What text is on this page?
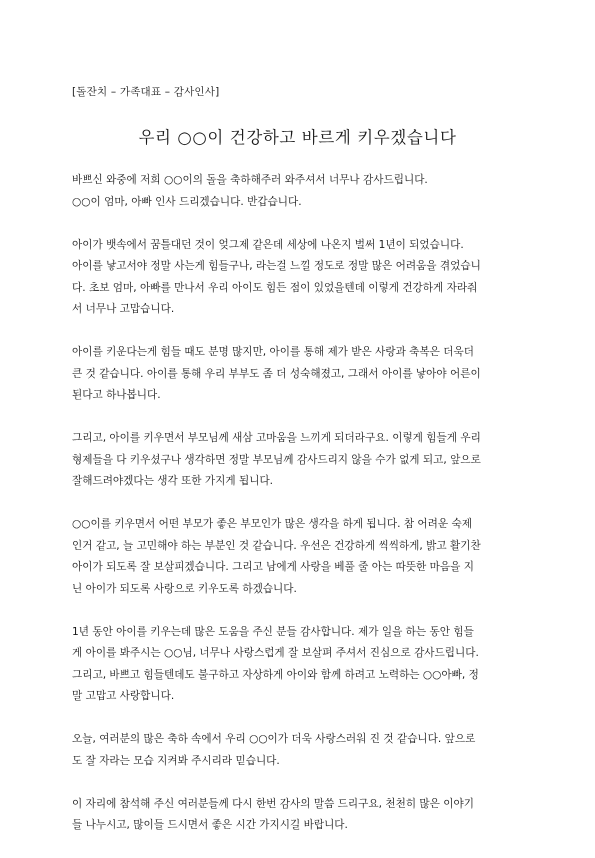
[돌잔치 – 가족대표 – 감사인사]
우리 ○○이 건강하고 바르게 키우겠습니다
바쁘신 와중에 저희 ○○이의 돌을 축하해주러 와주셔서 너무나 감사드립니다.
○○이 엄마, 아빠 인사 드리겠습니다. 반갑습니다.
아이가 뱃속에서 꿈틀대던 것이 엊그제 같은데 세상에 나온지 벌써 1년이 되었습니다.
아이를 낳고서야 정말 사는게 힘들구나, 라는걸 느낄 정도로 정말 많은 어려움을 겪었습니
다. 초보 엄마, 아빠를 만나서 우리 아이도 힘든 점이 있었을텐데 이렇게 건강하게 자라줘
서 너무나 고맙습니다.
아이를 키운다는게 힘들 때도 분명 많지만, 아이를 통해 제가 받은 사랑과 축복은 더욱더
큰 것 같습니다. 아이를 통해 우리 부부도 좀 더 성숙해졌고, 그래서 아이를 낳아야 어른이
된다고 하나봅니다.
그리고, 아이를 키우면서 부모님께 새삼 고마움을 느끼게 되더라구요. 이렇게 힘들게 우리
형제들을 다 키우셨구나 생각하면 정말 부모님께 감사드리지 않을 수가 없게 되고, 앞으로
잘해드려야겠다는 생각 또한 가지게 됩니다.
○○이를 키우면서 어떤 부모가 좋은 부모인가 많은 생각을 하게 됩니다. 참 어려운 숙제
인거 같고, 늘 고민해야 하는 부분인 것 같습니다. 우선은 건강하게 씩씩하게, 밝고 활기찬
아이가 되도록 잘 보살피겠습니다. 그리고 남에게 사랑을 베풀 줄 아는 따뜻한 마음을 지
닌 아이가 되도록 사랑으로 키우도록 하겠습니다.
1년 동안 아이를 키우는데 많은 도움을 주신 분들 감사합니다. 제가 일을 하는 동안 힘들
게 아이를 봐주시는 ○○님, 너무나 사랑스럽게 잘 보살펴 주셔서 진심으로 감사드립니다.
그리고, 바쁘고 힘들텐데도 불구하고 자상하게 아이와 함께 하려고 노력하는 ○○아빠, 정
말 고맙고 사랑합니다.
오늘, 여러분의 많은 축하 속에서 우리 ○○이가 더욱 사랑스러워 진 것 같습니다. 앞으로
도 잘 자라는 모습 지켜봐 주시리라 믿습니다.
이 자리에 참석해 주신 여러분들께 다시 한번 감사의 말씀 드리구요, 천천히 많은 이야기
들 나누시고, 많이들 드시면서 좋은 시간 가지시길 바랍니다.
